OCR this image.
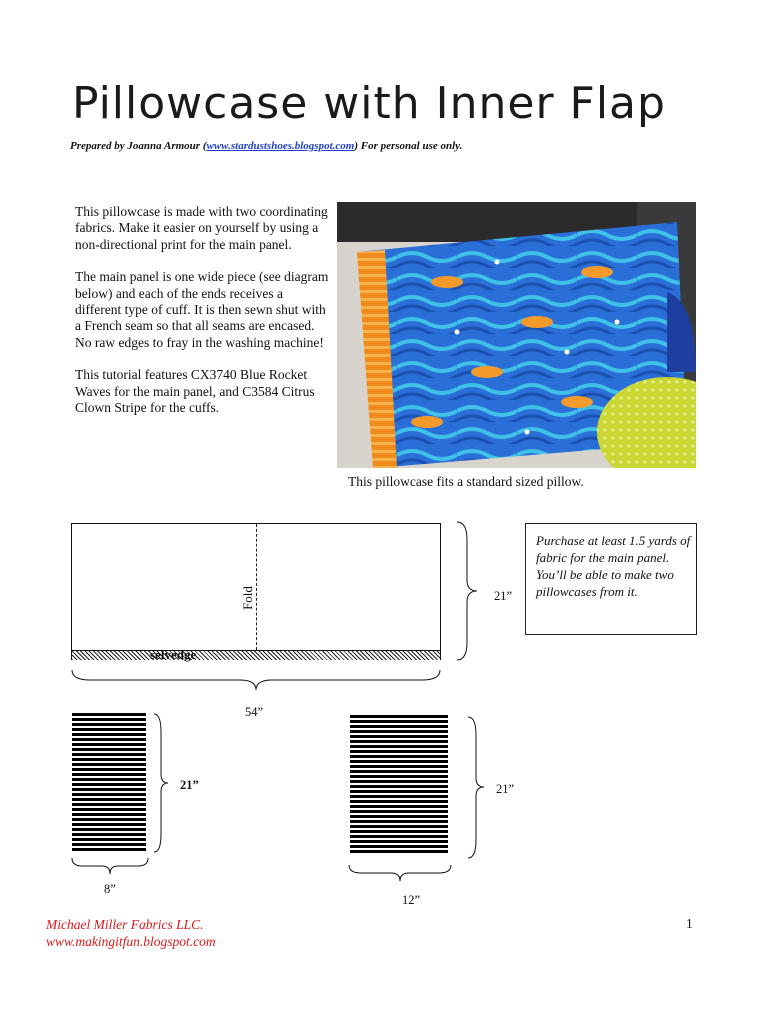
Pillowcase with Inner Flap
Prepared by Joanna Armour (www.stardustshoes.blogspot.com) For personal use only.

This pillowcase is made with two coordinating fabrics. Make it easier on yourself by using a non-directional print for the main panel.

The main panel is one wide piece (see diagram below) and each of the ends receives a different type of cuff. It is then sewn shut with a French seam so that all seams are encased. No raw edges to fray in the washing machine!

This tutorial features CX3740 Blue Rocket Waves for the main panel, and C3584 Citrus Clown Stripe for the cuffs.

This pillowcase fits a standard sized pillow.
Purchase at least 1.5 yards of fabric for the main panel. You’ll be able to make two pillowcases from it.
Fold
selvedge
21”
54”
21”
8”
21”
12”
Michael Miller Fabrics LLC.
www.makingitfun.blogspot.com
1
